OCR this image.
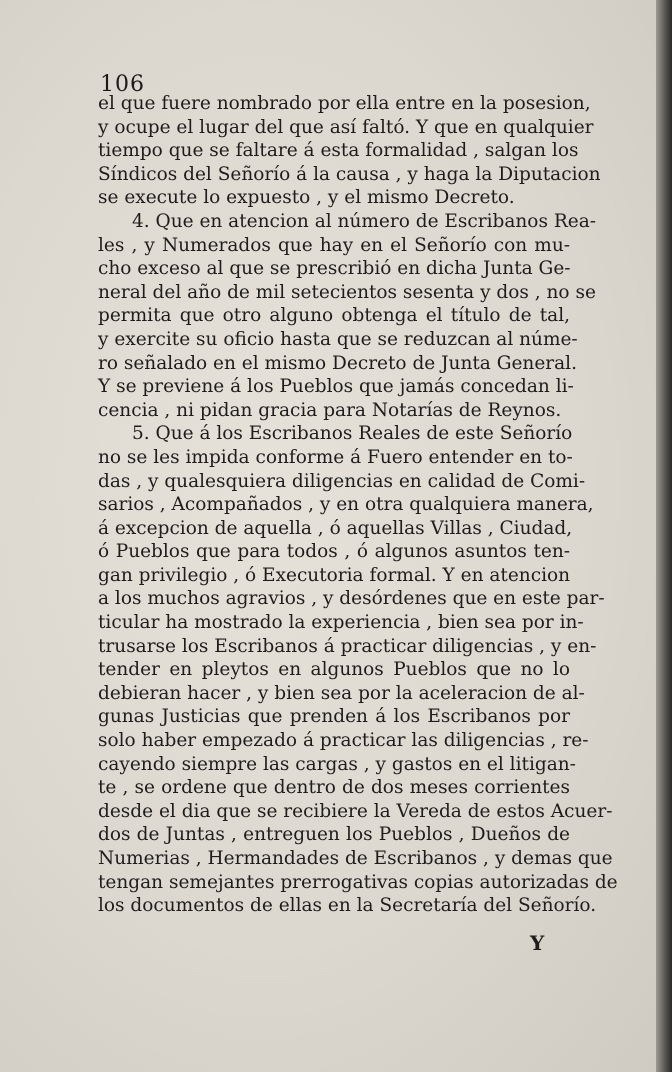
106
el que fuere nombrado por ella entre en la posesion,
y ocupe el lugar del que así faltó. Y que en qualquier
tiempo que se faltare á esta formalidad , salgan los
Síndicos del Señorío á la causa , y haga la Diputacion
se execute lo expuesto , y el mismo Decreto.
4. Que en atencion al número de Escribanos Rea-
les , y Numerados que hay en el Señorío con mu-
cho exceso al que se prescribió en dicha Junta Ge-
neral del año de mil setecientos sesenta y dos , no se
permita que otro alguno obtenga el título de tal,
y exercite su oficio hasta que se reduzcan al núme-
ro señalado en el mismo Decreto de Junta General.
Y se previene á los Pueblos que jamás concedan li-
cencia , ni pidan gracia para Notarías de Reynos.
5. Que á los Escribanos Reales de este Señorío
no se les impida conforme á Fuero entender en to-
das , y qualesquiera diligencias en calidad de Comi-
sarios , Acompañados , y en otra qualquiera manera,
á excepcion de aquella , ó aquellas Villas , Ciudad,
ó Pueblos que para todos , ó algunos asuntos ten-
gan privilegio , ó Executoria formal. Y en atencion
a los muchos agravios , y desórdenes que en este par-
ticular ha mostrado la experiencia , bien sea por in-
trusarse los Escribanos á practicar diligencias , y en-
tender en pleytos en algunos Pueblos que no lo
debieran hacer , y bien sea por la aceleracion de al-
gunas Justicias que prenden á los Escribanos por
solo haber empezado á practicar las diligencias , re-
cayendo siempre las cargas , y gastos en el litigan-
te , se ordene que dentro de dos meses corrientes
desde el dia que se recibiere la Vereda de estos Acuer-
dos de Juntas , entreguen los Pueblos , Dueños de
Numerias , Hermandades de Escribanos , y demas que
tengan semejantes prerrogativas copias autorizadas de
los documentos de ellas en la Secretaría del Señorío.
Y
